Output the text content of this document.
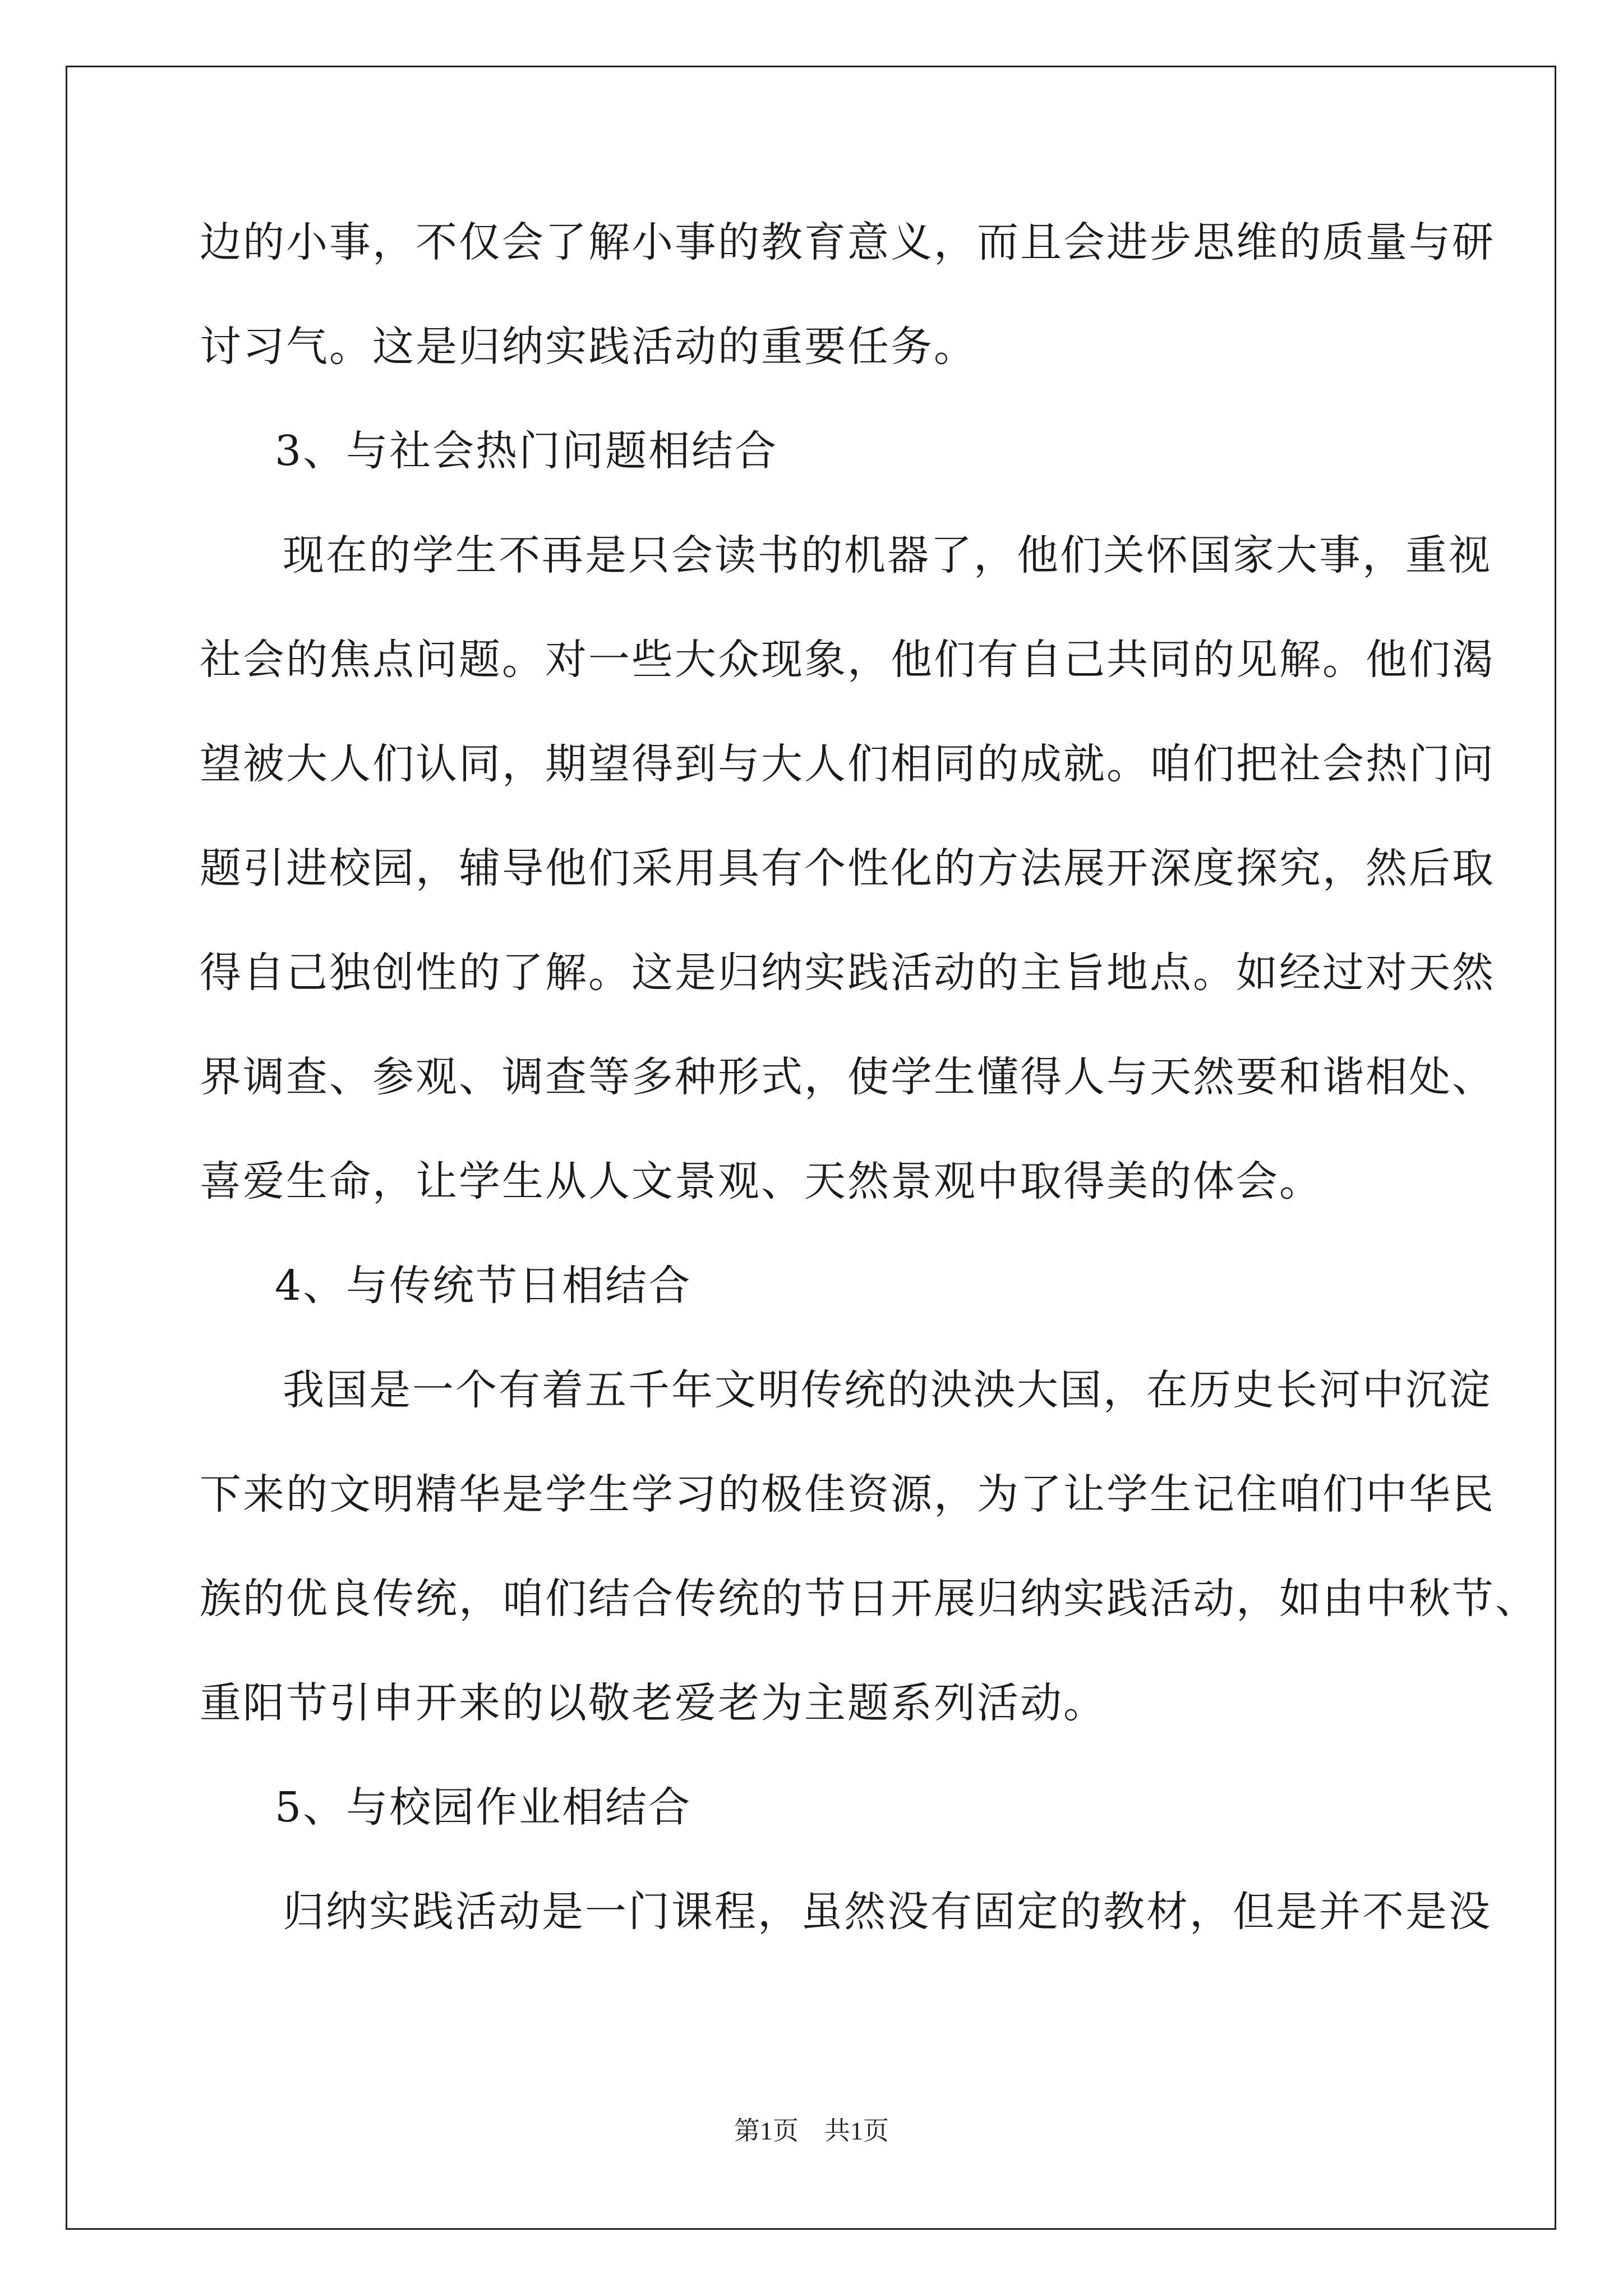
边的小事，不仅会了解小事的教育意义，而且会进步思维的质量与研
讨习气。这是归纳实践活动的重要任务。
3、与社会热门问题相结合
现在的学生不再是只会读书的机器了，他们关怀国家大事，重视
社会的焦点问题。对一些大众现象，他们有自己共同的见解。他们渴
望被大人们认同，期望得到与大人们相同的成就。咱们把社会热门问
题引进校园，辅导他们采用具有个性化的方法展开深度探究，然后取
得自己独创性的了解。这是归纳实践活动的主旨地点。如经过对天然
界调查、参观、调查等多种形式，使学生懂得人与天然要和谐相处、
喜爱生命，让学生从人文景观、天然景观中取得美的体会。
4、与传统节日相结合
我国是一个有着五千年文明传统的泱泱大国，在历史长河中沉淀
下来的文明精华是学生学习的极佳资源，为了让学生记住咱们中华民
族的优良传统，咱们结合传统的节日开展归纳实践活动，如由中秋节、
重阳节引申开来的以敬老爱老为主题系列活动。
5、与校园作业相结合
归纳实践活动是一门课程，虽然没有固定的教材，但是并不是没
第1页　共1页
